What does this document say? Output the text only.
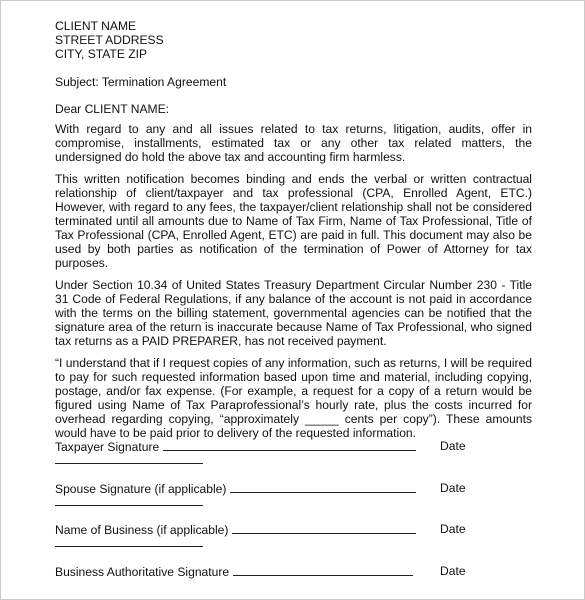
CLIENT NAME
STREET ADDRESS
CITY, STATE ZIP
Subject: Termination Agreement
Dear CLIENT NAME:

With regard to any and all issues related to tax returns, litigation, audits, offer in compromise, installments, estimated tax or any other tax related matters, the undersigned do hold the above tax and accounting firm harmless.

This written notification becomes binding and ends the verbal or written contractual relationship of client/taxpayer and tax professional (CPA, Enrolled Agent, ETC.) However, with regard to any fees, the taxpayer/client relationship shall not be considered terminated until all amounts due to Name of Tax Firm, Name of Tax Professional, Title of Tax Professional (CPA, Enrolled Agent, ETC) are paid in full. This document may also be used by both parties as notification of the termination of Power of Attorney for tax purposes.

Under Section 10.34 of United States Treasury Department Circular Number 230 - Title 31 Code of Federal Regulations, if any balance of the account is not paid in accordance with the terms on the billing statement, governmental agencies can be notified that the signature area of the return is inaccurate because Name of Tax Professional, who signed tax returns as a PAID PREPARER, has not received payment.

“I understand that if I request copies of any information, such as returns, I will be required to pay for such requested information based upon time and material, including copying, postage, and/or fax expense. (For example, a request for a copy of a return would be figured using Name of Tax Paraprofessional’s hourly rate, plus the costs incurred for overhead regarding copying, “approximately _____ cents per copy”). These amounts would have to be paid prior to delivery of the requested information.

Taxpayer Signature	Date
Spouse Signature (if applicable)	Date
Name of Business (if applicable)	Date
Business Authoritative Signature	Date
